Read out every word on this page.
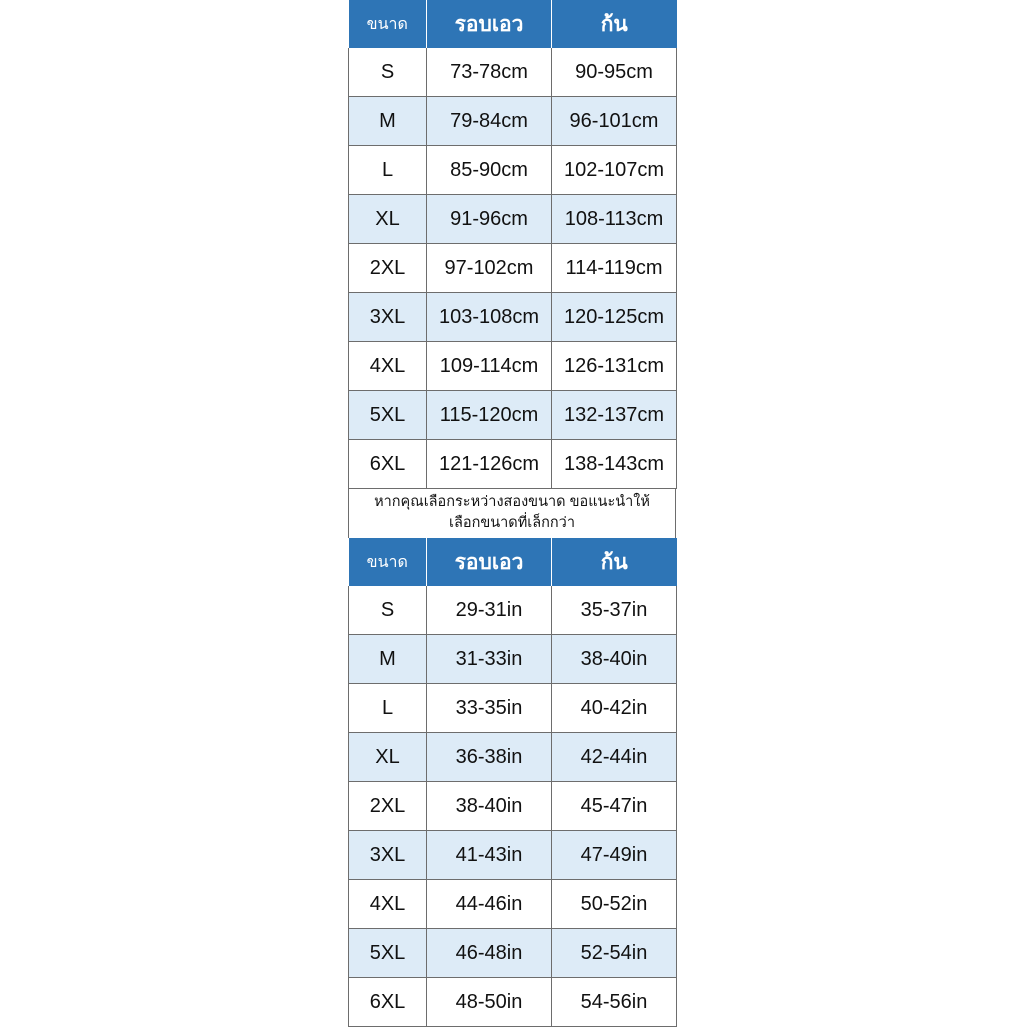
ขนาด	รอบเอว	ก้น
S	73-78cm	90-95cm
M	79-84cm	96-101cm
L	85-90cm	102-107cm
XL	91-96cm	108-113cm
2XL	97-102cm	114-119cm
3XL	103-108cm	120-125cm
4XL	109-114cm	126-131cm
5XL	115-120cm	132-137cm
6XL	121-126cm	138-143cm
หากคุณเลือกระหว่างสองขนาด ขอแนะนำให้
เลือกขนาดที่เล็กกว่า
ขนาด	รอบเอว	ก้น
S	29-31in	35-37in
M	31-33in	38-40in
L	33-35in	40-42in
XL	36-38in	42-44in
2XL	38-40in	45-47in
3XL	41-43in	47-49in
4XL	44-46in	50-52in
5XL	46-48in	52-54in
6XL	48-50in	54-56in
